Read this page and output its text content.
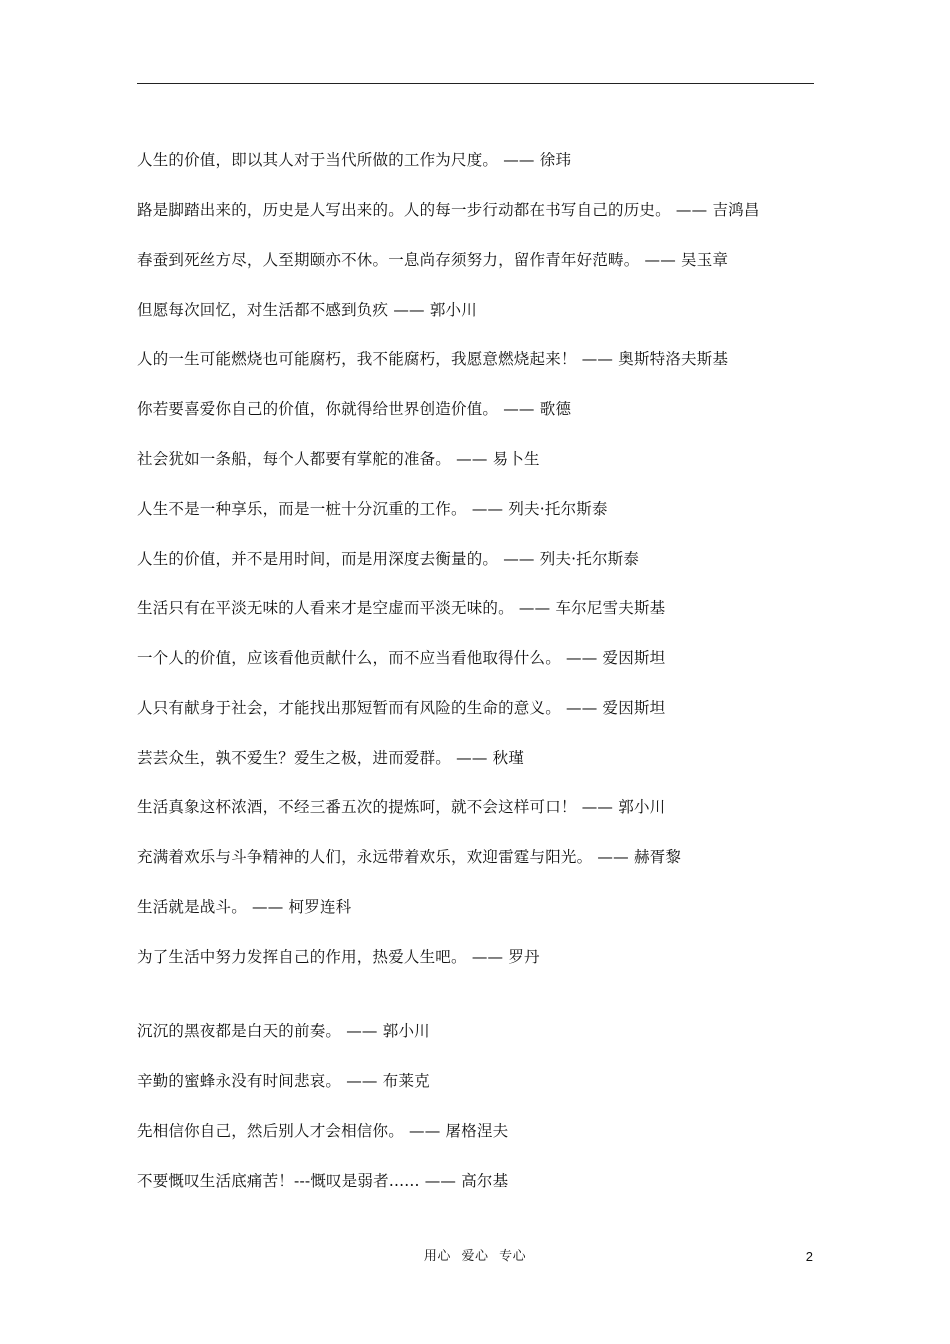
人生的价值，即以其人对于当代所做的工作为尺度。 —— 徐玮
路是脚踏出来的，历史是人写出来的。人的每一步行动都在书写自己的历史。 —— 吉鸿昌
春蚕到死丝方尽，人至期颐亦不休。一息尚存须努力，留作青年好范畴。 —— 吴玉章
但愿每次回忆，对生活都不感到负疚 —— 郭小川
人的一生可能燃烧也可能腐朽，我不能腐朽，我愿意燃烧起来！ —— 奥斯特洛夫斯基
你若要喜爱你自己的价值，你就得给世界创造价值。 —— 歌德
社会犹如一条船，每个人都要有掌舵的准备。 —— 易卜生
人生不是一种享乐，而是一桩十分沉重的工作。 —— 列夫·托尔斯泰
人生的价值，并不是用时间，而是用深度去衡量的。 —— 列夫·托尔斯泰
生活只有在平淡无味的人看来才是空虚而平淡无味的。 —— 车尔尼雪夫斯基
一个人的价值，应该看他贡献什么，而不应当看他取得什么。 —— 爱因斯坦
人只有献身于社会，才能找出那短暂而有风险的生命的意义。 —— 爱因斯坦
芸芸众生，孰不爱生？爱生之极，进而爱群。 —— 秋瑾
生活真象这杯浓酒，不经三番五次的提炼呵，就不会这样可口！ —— 郭小川
充满着欢乐与斗争精神的人们，永远带着欢乐，欢迎雷霆与阳光。 —— 赫胥黎
生活就是战斗。 —— 柯罗连科
为了生活中努力发挥自己的作用，热爱人生吧。 —— 罗丹
沉沉的黑夜都是白天的前奏。 —— 郭小川
辛勤的蜜蜂永没有时间悲哀。 —— 布莱克
先相信你自己，然后别人才会相信你。 —— 屠格涅夫
不要慨叹生活底痛苦！---慨叹是弱者...... —— 高尔基
用心 爱心 专心	2
